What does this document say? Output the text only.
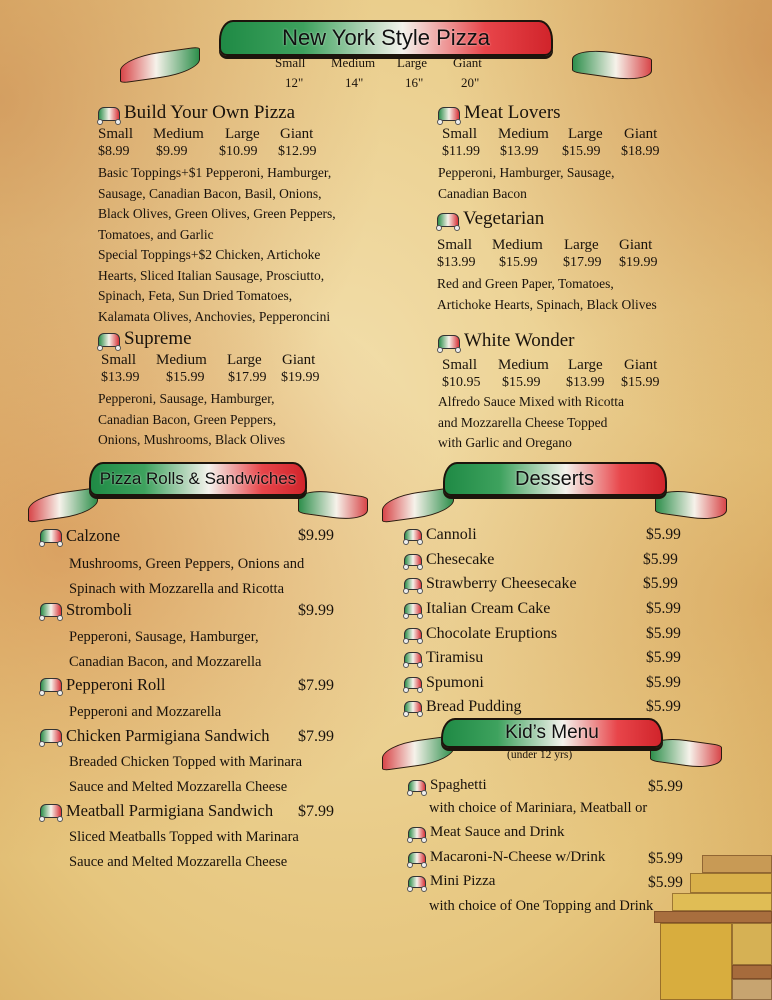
New York Style Pizza
Small	Medium	Large	Giant
12"	14"	16"	20"
Build Your Own Pizza
Small	Medium	Large	Giant
$8.99	$9.99	$10.99	$12.99
Basic Toppings+$1 Pepperoni, Hamburger,
Sausage, Canadian Bacon, Basil, Onions,
Black Olives, Green Olives, Green Peppers,
Tomatoes, and Garlic
Special Toppings+$2 Chicken, Artichoke
Hearts, Sliced Italian Sausage, Prosciutto,
Spinach, Feta, Sun Dried Tomatoes,
Kalamata Olives, Anchovies, Pepperoncini
Supreme
Small	Medium	Large	Giant
$13.99	$15.99	$17.99	$19.99
Pepperoni, Sausage, Hamburger,
Canadian Bacon, Green Peppers,
Onions, Mushrooms, Black Olives
Meat Lovers
Small	Medium	Large	Giant
$11.99	$13.99	$15.99	$18.99
Pepperoni, Hamburger, Sausage,
Canadian Bacon
Vegetarian
Small	Medium	Large	Giant
$13.99	$15.99	$17.99	$19.99
Red and Green Paper, Tomatoes,
Artichoke Hearts, Spinach, Black Olives
White Wonder
Small	Medium	Large	Giant
$10.95	$15.99	$13.99	$15.99
Alfredo Sauce Mixed with Ricotta
and Mozzarella Cheese Topped
with Garlic and Oregano
Pizza Rolls & Sandwiches
Calzone	$9.99
Mushrooms, Green Peppers, Onions and
Spinach with Mozzarella and Ricotta
Stromboli	$9.99
Pepperoni, Sausage, Hamburger,
Canadian Bacon, and Mozzarella
Pepperoni Roll	$7.99
Pepperoni and Mozzarella
Chicken Parmigiana Sandwich $7.99
Breaded Chicken Topped with Marinara
Sauce and Melted Mozzarella Cheese
Meatball Parmigiana Sandwich $7.99
Sliced Meatballs Topped with Marinara
Sauce and Melted Mozzarella Cheese
Desserts
Cannoli	$5.99
Chesecake	$5.99
Strawberry Cheesecake	$5.99
Italian Cream Cake	$5.99
Chocolate Eruptions	$5.99
Tiramisu	$5.99
Spumoni	$5.99
Bread Pudding	$5.99
Kid’s Menu
(under 12 yrs)
Spaghetti	$5.99
with choice of Mariniara, Meatball or
Meat Sauce and Drink
Macaroni-N-Cheese w/Drink	$5.99
Mini Pizza	$5.99
with choice of One Topping and Drink
